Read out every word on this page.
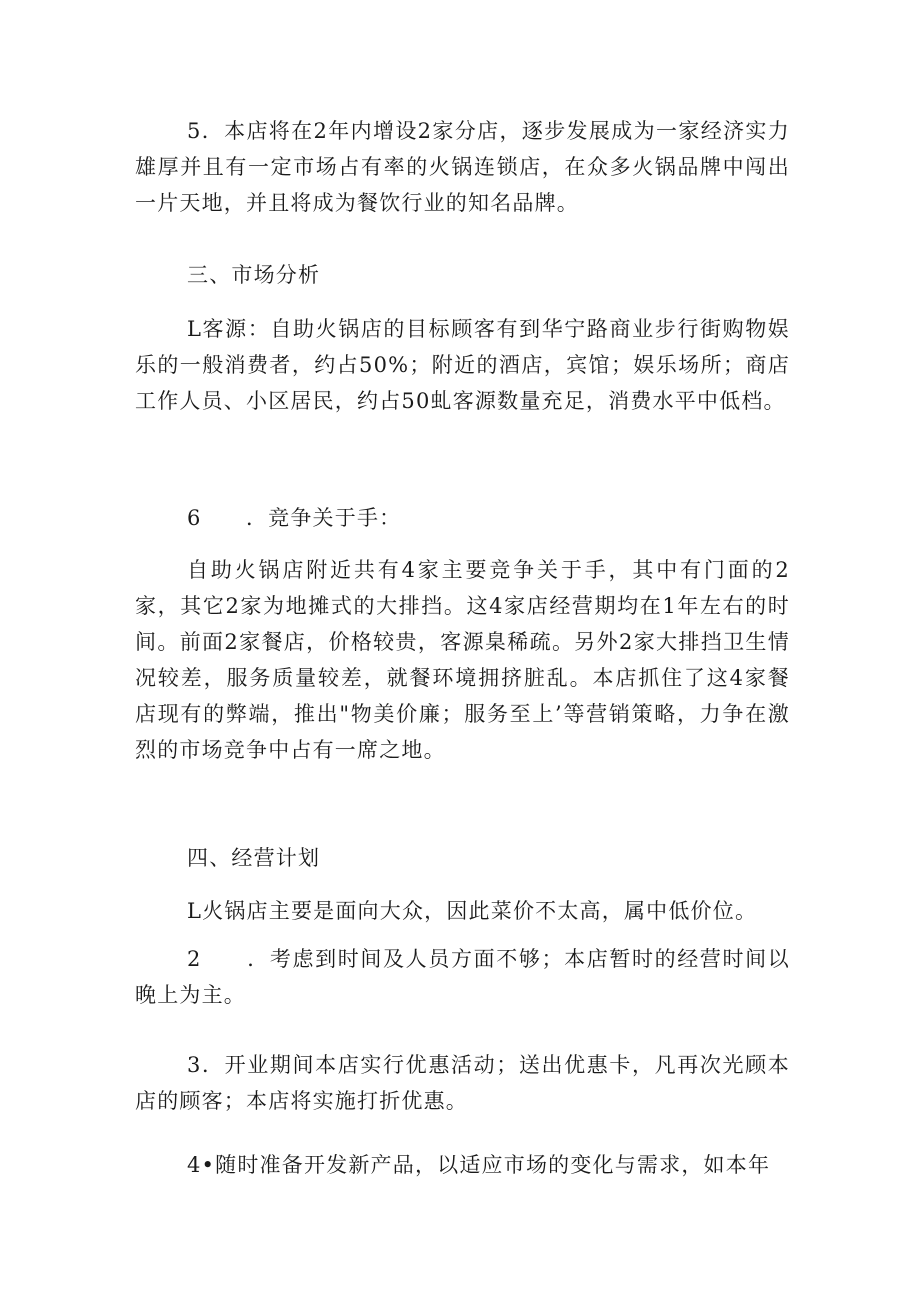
5．本店将在2年内增设2家分店，逐步发展成为一家经济实力雄厚并且有一定市场占有率的火锅连锁店，在众多火锅品牌中闯出一片天地，并且将成为餐饮行业的知名品牌。

三、市场分析

L客源：自助火锅店的目标顾客有到华宁路商业步行街购物娱乐的一般消费者，约占50%；附近的酒店，宾馆；娱乐场所；商店工作人员、小区居民，约占50虬客源数量充足，消费水平中低档。

6　　．竞争关于手：

自助火锅店附近共有4家主要竞争关于手，其中有门面的2家，其它2家为地摊式的大排挡。这4家店经营期均在1年左右的时间。前面2家餐店，价格较贵，客源臬稀疏。另外2家大排挡卫生情况较差，服务质量较差，就餐环境拥挤脏乱。本店抓住了这4家餐店现有的弊端，推出"物美价廉；服务至上’等营销策略，力争在激烈的市场竞争中占有一席之地。

四、经营计划

L火锅店主要是面向大众，因此菜价不太高，属中低价位。

2　　．考虑到时间及人员方面不够；本店暂时的经营时间以晚上为主。

3．开业期间本店实行优惠活动；送出优惠卡，凡再次光顾本店的顾客；本店将实施打折优惠。

4•随时准备开发新产品，以适应市场的变化与需求，如本年
